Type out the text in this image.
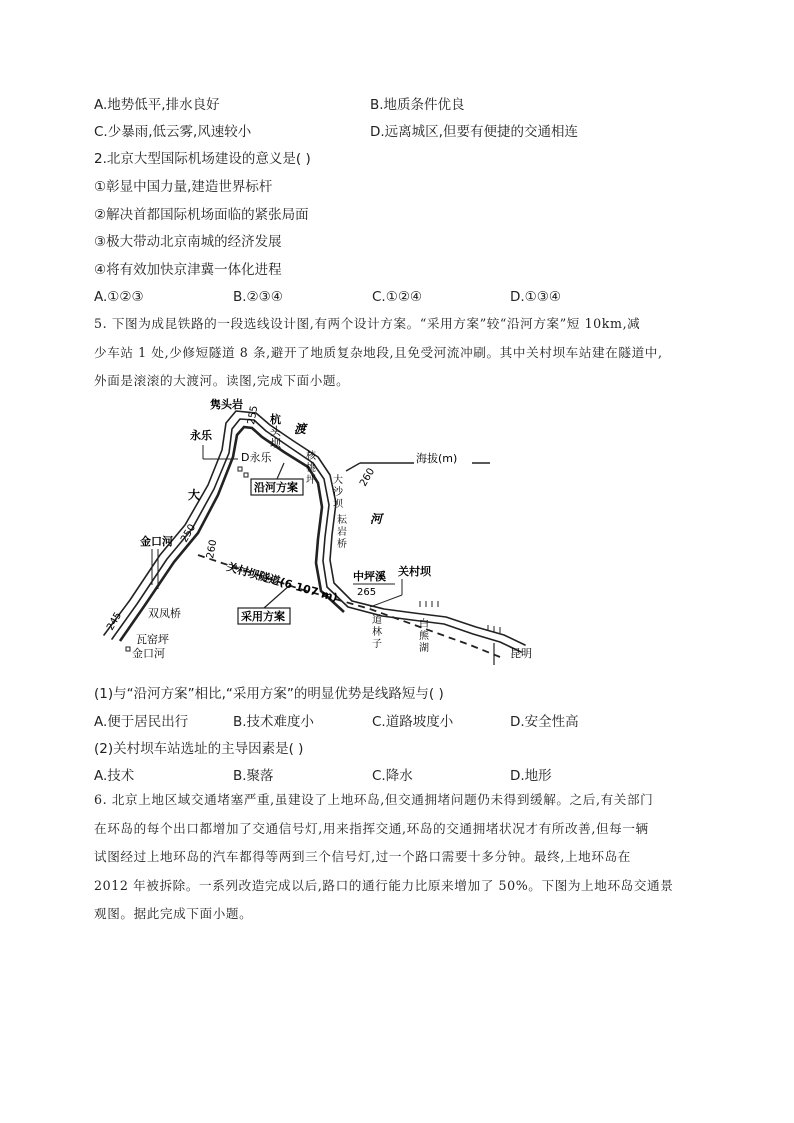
A.地势低平,排水良好	B.地质条件优良
C.少暴雨,低云雾,风速较小	D.远离城区,但要有便捷的交通相连
2.北京大型国际机场建设的意义是( )
①彰显中国力量,建造世界标杆
②解决首都国际机场面临的紧张局面
③极大带动北京南城的经济发展
④将有效加快京津冀一体化进程
A.①②③	B.②③④	C.①②④	D.①③④
5. 下图为成昆铁路的一段选线设计图,有两个设计方案。“采用方案”较“沿河方案”短 10km,减
少车站 1 处,少修短隧道 8 条,避开了地质复杂地段,且免受河流冲刷。其中关村坝车站建在隧道中,
外面是滚滚的大渡河。读图,完成下面小题。
海拔(m)
沿河方案
采用方案
关村坝隧道(6 107 m)
隽头岩
永乐
D永乐
杭
头
坝
渡
大
河
核
桃
坪 大
沙
坝
耘
岩
桥
金口河
双凤桥
瓦窑坪
金口河
中坪溪 关村坝
道
林
子
白
熊
湖	昆明
255
260
250
260
245
265
(1)与“沿河方案”相比,“采用方案”的明显优势是线路短与( )
A.便于居民出行	B.技术难度小	C.道路坡度小	D.安全性高
(2)关村坝车站选址的主导因素是( )
A.技术	B.聚落	C.降水	D.地形
6. 北京上地区域交通堵塞严重,虽建设了上地环岛,但交通拥堵问题仍未得到缓解。之后,有关部门
在环岛的每个出口都增加了交通信号灯,用来指挥交通,环岛的交通拥堵状况才有所改善,但每一辆
试图经过上地环岛的汽车都得等两到三个信号灯,过一个路口需要十多分钟。最终,上地环岛在
2012 年被拆除。一系列改造完成以后,路口的通行能力比原来增加了 50%。下图为上地环岛交通景
观图。据此完成下面小题。
